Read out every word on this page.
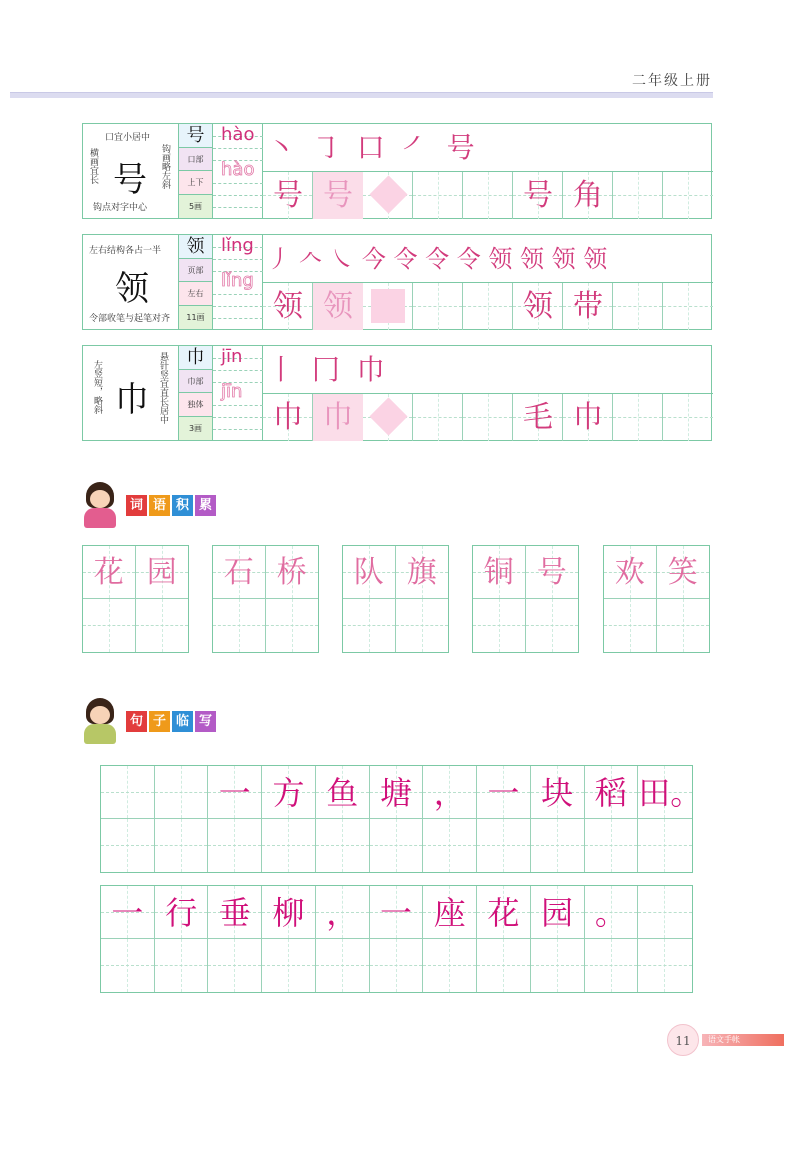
二年级上册
口宜小居中
号
横画宜长	钩画略左斜
钩点对字中心
号
口部
上下
5画
hào
hào
㇔ ㇆ 口 ㇒ 号
号 号	号 角
左右结构各占一半
领
令部收笔与起笔对齐
领
页部
左右
11画
lǐng
lǐng
丿 𠆢 ㇏ 今 令 令 令 领 领 领 领
领 领	领 带
左竖短，略斜 巾 悬针竖宜直长居中	巾
巾部
独体
3画
jīn
jīn
丨 冂 巾
巾 巾	毛 巾
词 语 积 累
花 园	石 桥	队 旗	铜 号	欢 笑
句 子 临 写
一 方 鱼 塘 ， 一 块 稻 田。
一 行 垂 柳 ， 一 座 花 园 。
11	语文手帐
